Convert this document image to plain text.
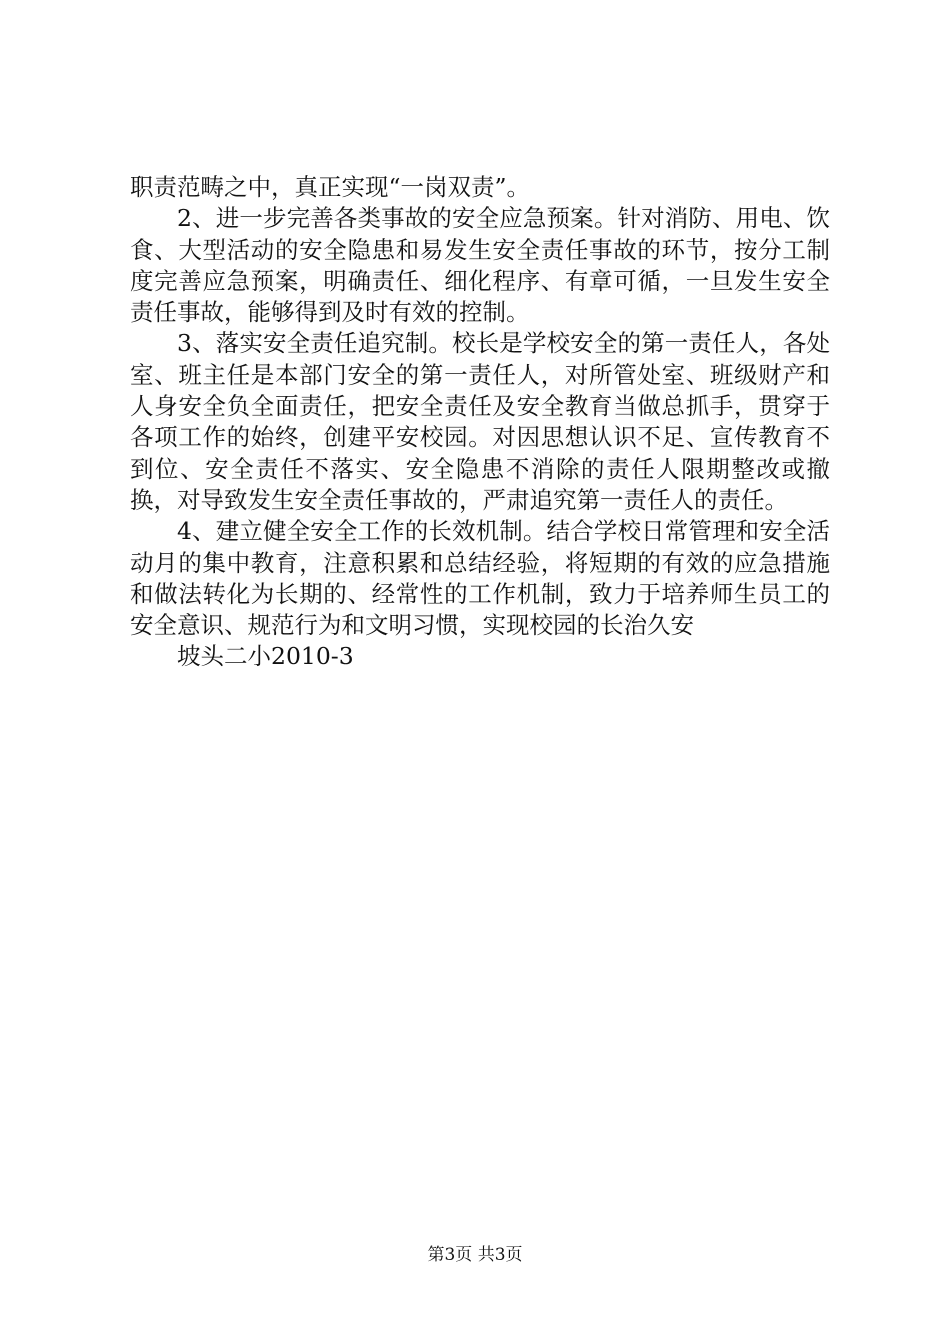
职责范畴之中，真正实现“一岗双责”。

2、进一步完善各类事故的安全应急预案。针对消防、用电、饮食、大型活动的安全隐患和易发生安全责任事故的环节，按分工制度完善应急预案，明确责任、细化程序、有章可循，一旦发生安全责任事故，能够得到及时有效的控制。

3、落实安全责任追究制。校长是学校安全的第一责任人，各处室、班主任是本部门安全的第一责任人，对所管处室、班级财产和人身安全负全面责任，把安全责任及安全教育当做总抓手，贯穿于各项工作的始终，创建平安校园。对因思想认识不足、宣传教育不到位、安全责任不落实、安全隐患不消除的责任人限期整改或撤换，对导致发生安全责任事故的，严肃追究第一责任人的责任。

4、建立健全安全工作的长效机制。结合学校日常管理和安全活动月的集中教育，注意积累和总结经验，将短期的有效的应急措施和做法转化为长期的、经常性的工作机制，致力于培养师生员工的安全意识、规范行为和文明习惯，实现校园的长治久安

坡头二小2010-3

第3页 共3页
